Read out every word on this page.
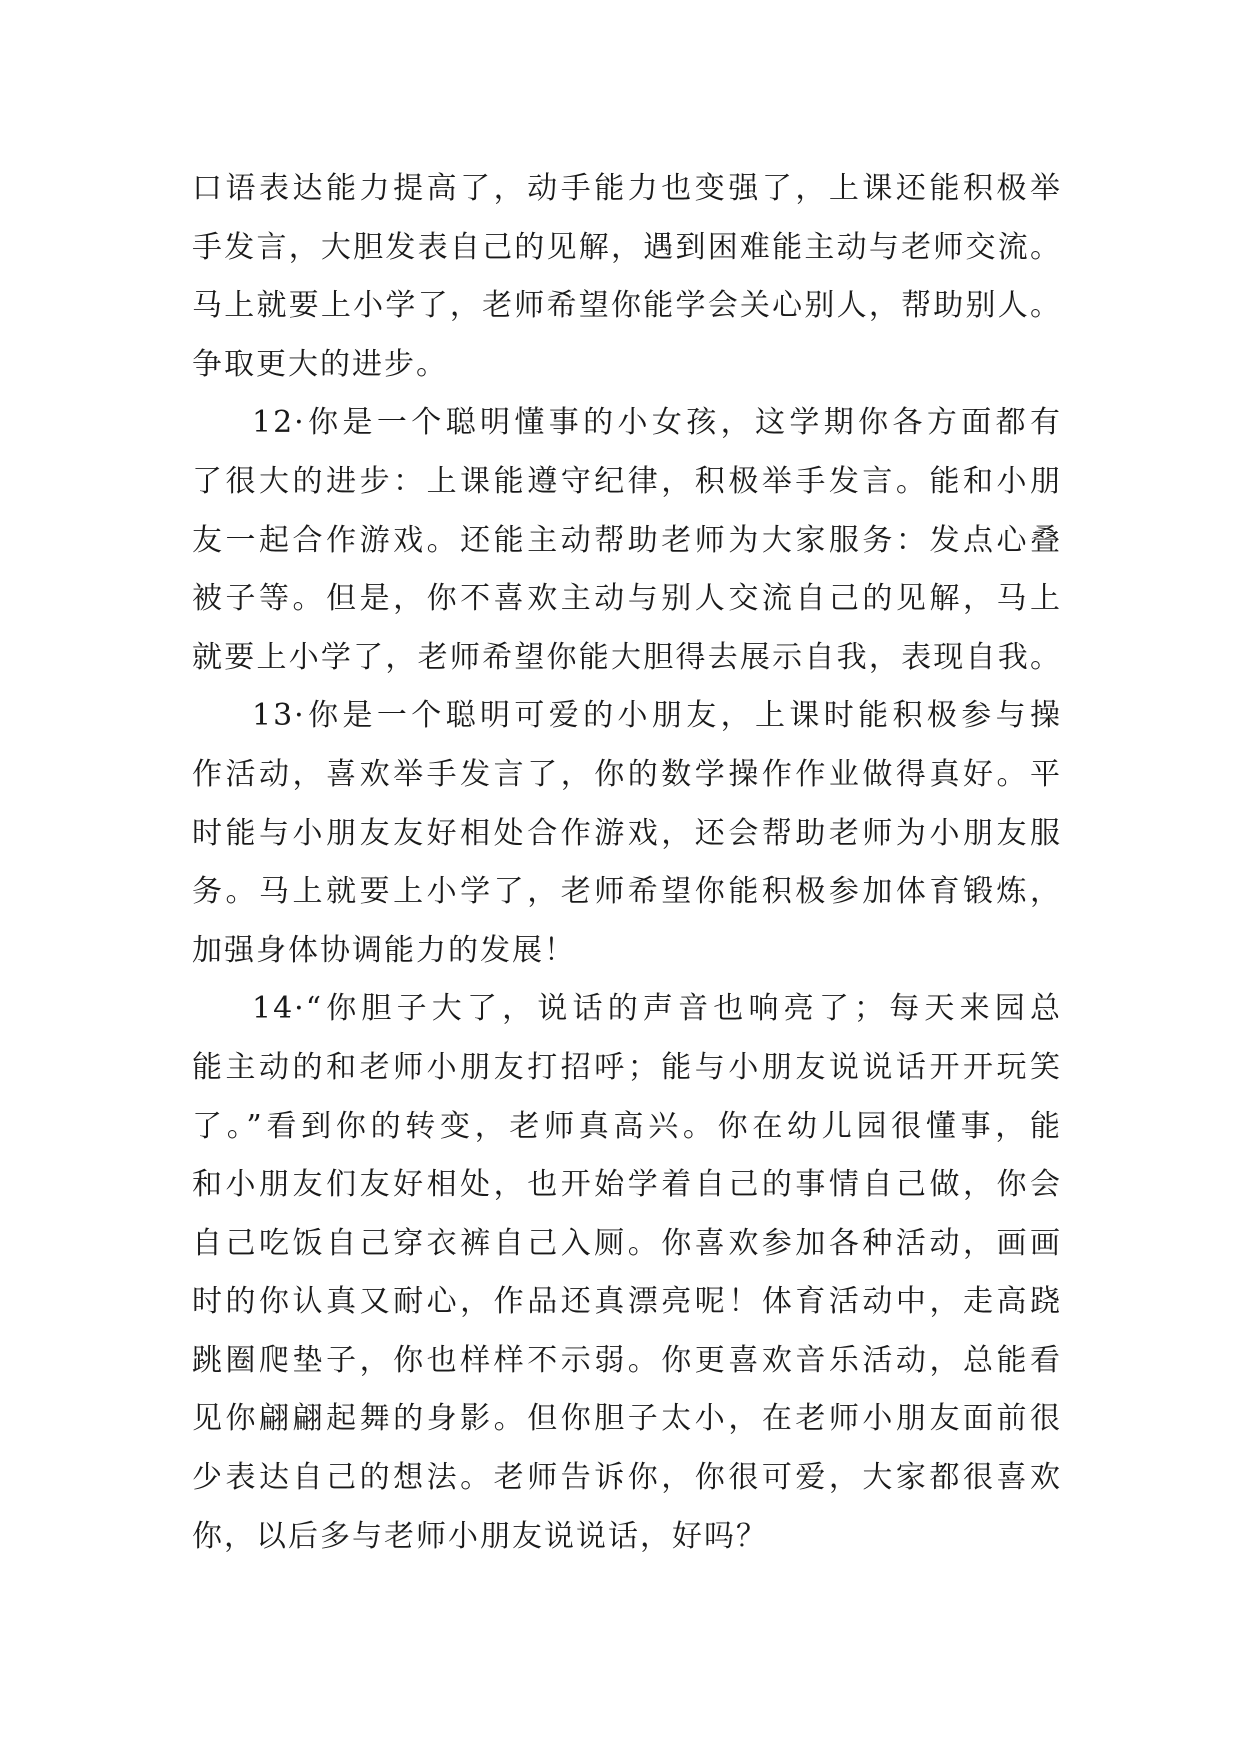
口语表达能力提高了，动手能力也变强了，上课还能积极举
手发言，大胆发表自己的见解，遇到困难能主动与老师交流。
马上就要上小学了，老师希望你能学会关心别人，帮助别人。
争取更大的进步。
12·你是一个聪明懂事的小女孩，这学期你各方面都有
了很大的进步：上课能遵守纪律，积极举手发言。能和小朋
友一起合作游戏。还能主动帮助老师为大家服务：发点心叠
被子等。但是，你不喜欢主动与别人交流自己的见解，马上
就要上小学了，老师希望你能大胆得去展示自我，表现自我。
13·你是一个聪明可爱的小朋友，上课时能积极参与操
作活动，喜欢举手发言了，你的数学操作作业做得真好。平
时能与小朋友友好相处合作游戏，还会帮助老师为小朋友服
务。马上就要上小学了，老师希望你能积极参加体育锻炼，
加强身体协调能力的发展！
14·“你胆子大了，说话的声音也响亮了；每天来园总
能主动的和老师小朋友打招呼；能与小朋友说说话开开玩笑
了。”看到你的转变，老师真高兴。你在幼儿园很懂事，能
和小朋友们友好相处，也开始学着自己的事情自己做，你会
自己吃饭自己穿衣裤自己入厕。你喜欢参加各种活动，画画
时的你认真又耐心，作品还真漂亮呢！体育活动中，走高跷
跳圈爬垫子，你也样样不示弱。你更喜欢音乐活动，总能看
见你翩翩起舞的身影。但你胆子太小，在老师小朋友面前很
少表达自己的想法。老师告诉你，你很可爱，大家都很喜欢
你，以后多与老师小朋友说说话，好吗？
